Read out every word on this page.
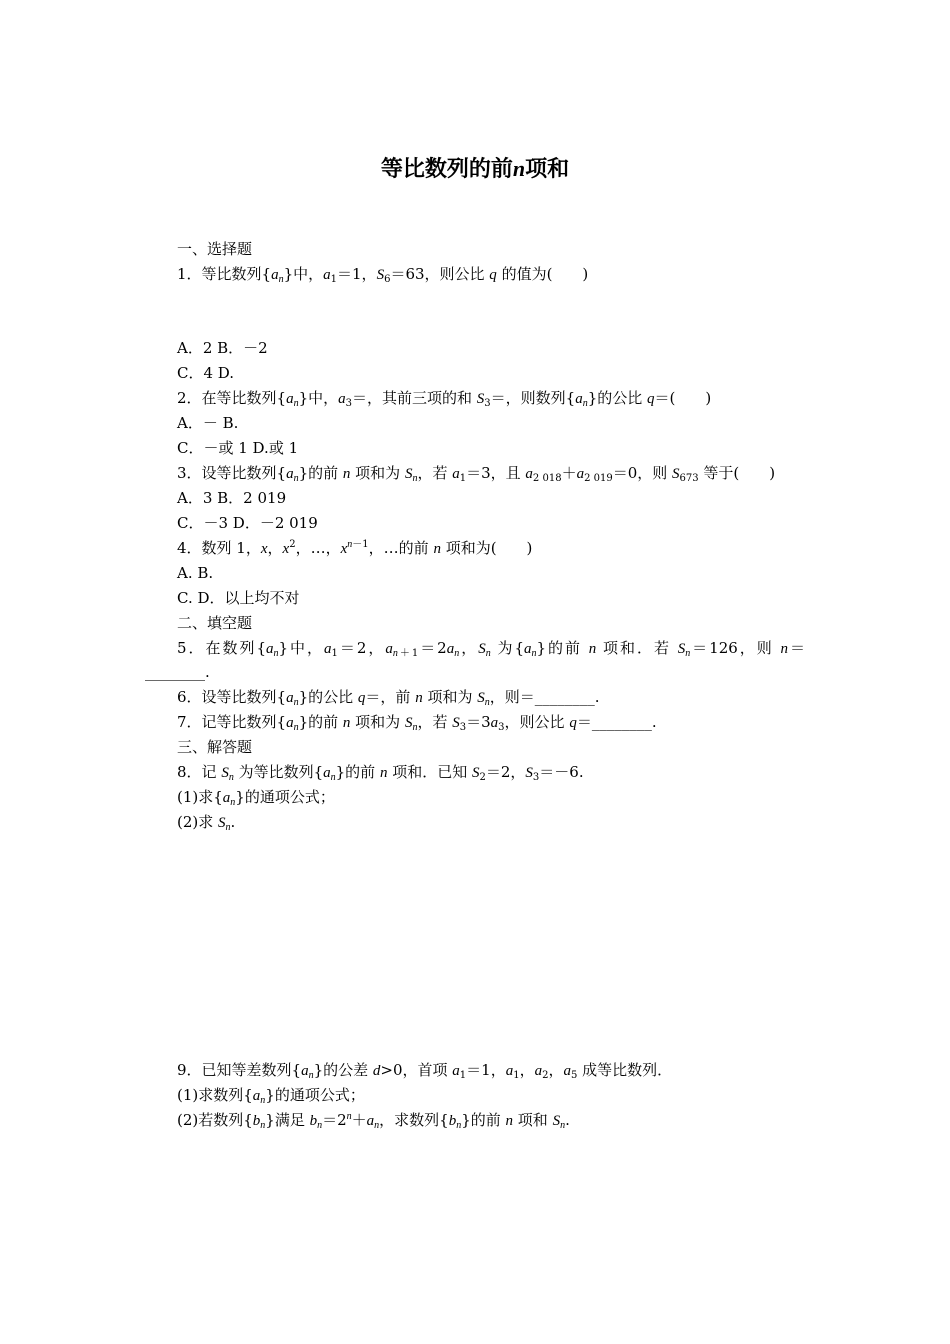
等比数列的前n项和
一、选择题
1．等比数列$\{a_n\}$中，$a_1=1$，$S_6=63$，则公比 q 的值为(　　)
A．2 B．－2
C．4 D.
2．在等比数列$\{a_n\}$中，$a_3=$，其前三项的和 $S_3=$，则数列$\{a_n\}$的公比 q＝(　　)
A．－ B.
C．－或 1 D.或 1
3．设等比数列$\{a_n\}$的前 n 项和为 $S_n$，若 $a_1=3$，且 $a_{2 018}+a_{2 019}=0$，则 $S_{673}$ 等于(　　)
A．3 B．2 019
C．－3 D．－2 019
4．数列 1，x，$x^2$，…，$x^{n-1}$，…的前 n 项和为(　　)
A. B.
C. D．以上均不对
二、填空题
5．在数列$\{a_n\}$中，$a_1=2$，$a_{n+1}=2a_n$，$S_n$ 为$\{a_n\}$的前 n 项和．若 $S_n=126$，则 n＝
________.
6．设等比数列$\{a_n\}$的公比 q＝，前 n 项和为 $S_n$，则＝________.
7．记等比数列$\{a_n\}$的前 n 项和为 $S_n$，若 $S_3=3a_3$，则公比 q＝________.
三、解答题
8．记 $S_n$ 为等比数列$\{a_n\}$的前 n 项和．已知 $S_2=2$，$S_3=-6$.
(1)求$\{a_n\}$的通项公式；
(2)求 $S_n$.
9．已知等差数列$\{a_n\}$的公差 d>0，首项 $a_1=1$，$a_1$，$a_2$，$a_5$ 成等比数列．
(1)求数列$\{a_n\}$的通项公式；
(2)若数列$\{b_n\}$满足 $b_n=2^n+a_n$，求数列$\{b_n\}$的前 n 项和 $S_n$.
